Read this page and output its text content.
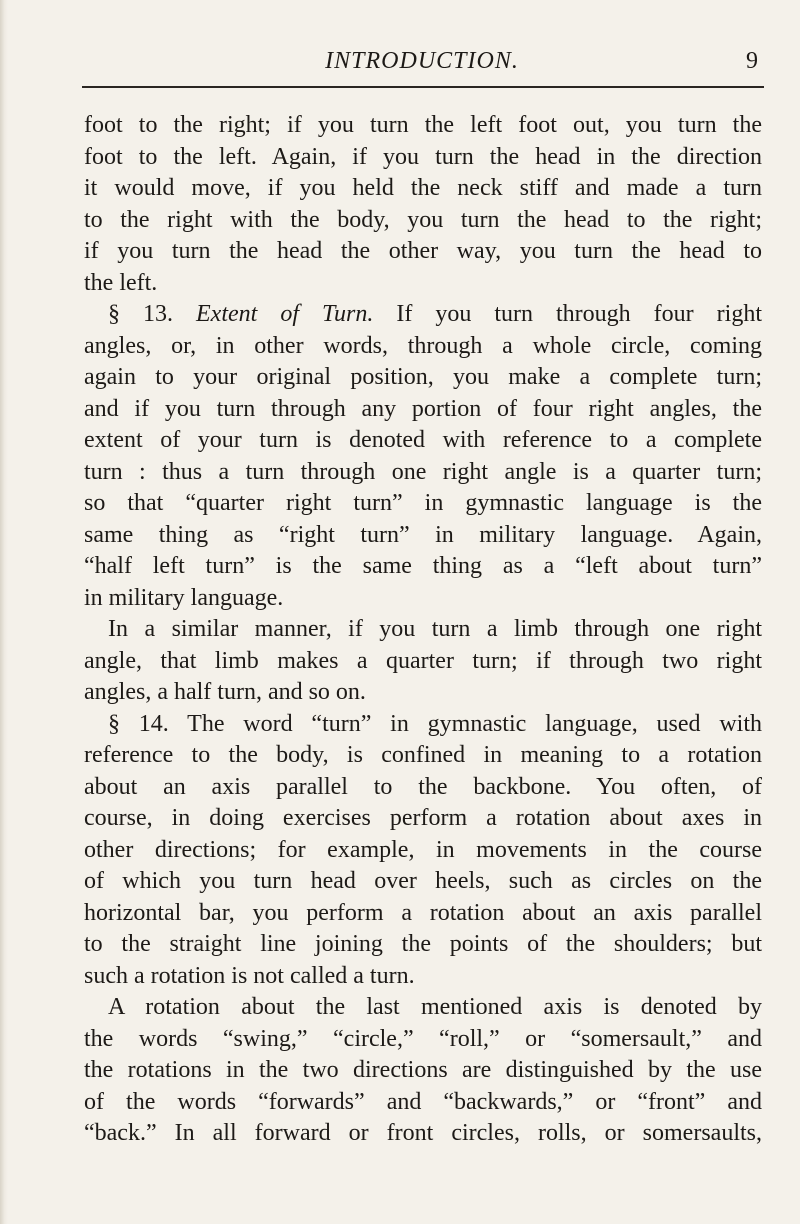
INTRODUCTION.	9
foot to the right; if you turn the left foot out, you turn the
foot to the left. Again, if you turn the head in the direction
it would move, if you held the neck stiff and made a turn
to the right with the body, you turn the head to the right;
if you turn the head the other way, you turn the head to
the left.
§ 13. Extent of Turn. If you turn through four right
angles, or, in other words, through a whole circle, coming
again to your original position, you make a complete turn;
and if you turn through any portion of four right angles, the
extent of your turn is denoted with reference to a complete
turn : thus a turn through one right angle is a quarter turn;
so that “quarter right turn” in gymnastic language is the
same thing as “right turn” in military language. Again,
“half left turn” is the same thing as a “left about turn”
in military language.
In a similar manner, if you turn a limb through one right
angle, that limb makes a quarter turn; if through two right
angles, a half turn, and so on.
§ 14. The word “turn” in gymnastic language, used with
reference to the body, is confined in meaning to a rotation
about an axis parallel to the backbone. You often, of
course, in doing exercises perform a rotation about axes in
other directions; for example, in movements in the course
of which you turn head over heels, such as circles on the
horizontal bar, you perform a rotation about an axis parallel
to the straight line joining the points of the shoulders; but
such a rotation is not called a turn.
A rotation about the last mentioned axis is denoted by
the words “swing,” “circle,” “roll,” or “somersault,” and
the rotations in the two directions are distinguished by the use
of the words “forwards” and “backwards,” or “front” and
“back.” In all forward or front circles, rolls, or somersaults,
